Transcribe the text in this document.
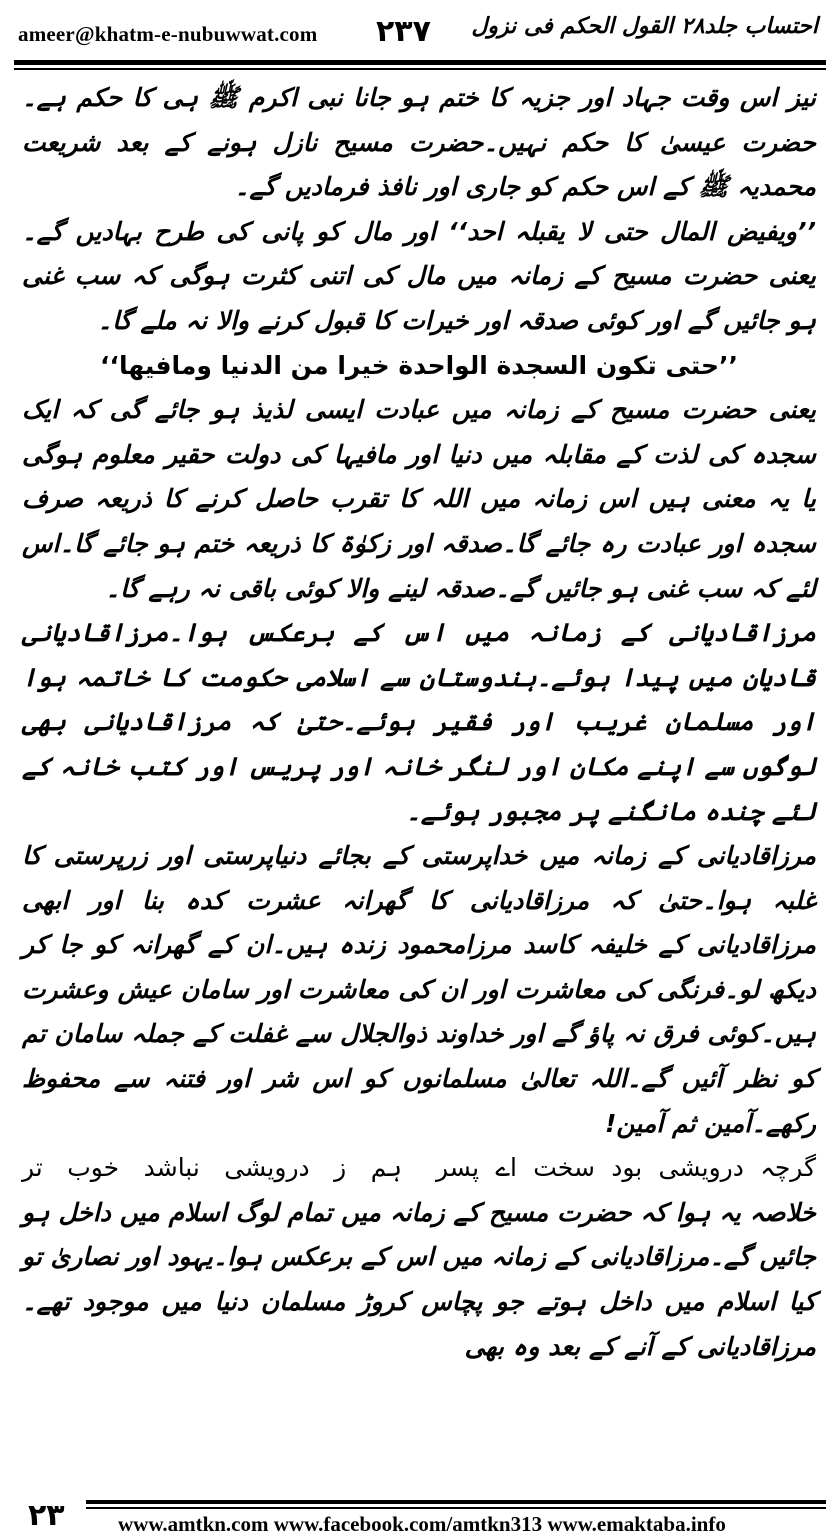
ameer@khatm-e-nubuwwat.com ۲۳۷ احتساب جلد۲۸ القول الحکم فی نزول

نیز اس وقت جہاد اور جزیہ کا ختم ہو جانا نبی اکرم ﷺ ہی کا حکم ہے۔حضرت عیسیٰ کا حکم نہیں۔حضرت مسیح نازل ہونے کے بعد شریعت محمدیہ ﷺ کے اس حکم کو جاری اور نافذ فرمادیں گے۔

’’ویفیض المال حتی لا یقبلہ احد‘‘ اور مال کو پانی کی طرح بہادیں گے۔یعنی حضرت مسیح کے زمانہ میں مال کی اتنی کثرت ہوگی کہ سب غنی ہو جائیں گے اور کوئی صدقہ اور خیرات کا قبول کرنے والا نہ ملے گا۔

’’حتی تکون السجدة الواحدة خیرا من الدنیا ومافیھا‘‘

یعنی حضرت مسیح کے زمانہ میں عبادت ایسی لذیذ ہو جائے گی کہ ایک سجدہ کی لذت کے مقابلہ میں دنیا اور مافیہا کی دولت حقیر معلوم ہوگی یا یہ معنی ہیں اس زمانہ میں اللہ کا تقرب حاصل کرنے کا ذریعہ صرف سجدہ اور عبادت رہ جائے گا۔صدقہ اور زکوٰۃ کا ذریعہ ختم ہو جائے گا۔اس لئے کہ سب غنی ہو جائیں گے۔صدقہ لینے والا کوئی باقی نہ رہے گا۔

مرزاقادیانی کے زمانہ میں اس کے برعکس ہوا۔مرزاقادیانی قادیان میں پیدا ہوئے۔ہندوستان سے اسلامی حکومت کا خاتمہ ہوا اور مسلمان غریب اور فقیر ہوئے۔حتیٰ کہ مرزاقادیانی بھی لوگوں سے اپنے مکان اور لنگر خانہ اور پریس اور کتب خانہ کے لئے چندہ مانگنے پر مجبور ہوئے۔

مرزاقادیانی کے زمانہ میں خداپرستی کے بجائے دنیاپرستی اور زرپرستی کا غلبہ ہوا۔حتیٰ کہ مرزاقادیانی کا گھرانہ عشرت کدہ بنا اور ابھی مرزاقادیانی کے خلیفہ کاسد مرزامحمود زندہ ہیں۔ان کے گھرانہ کو جا کر دیکھ لو۔فرنگی کی معاشرت اور ان کی معاشرت اور سامان عیش وعشرت ہیں۔کوئی فرق نہ پاؤ گے اور خداوند ذوالجلال سے غفلت کے جملہ سامان تم کو نظر آئیں گے۔اللہ تعالیٰ مسلمانوں کو اس شر اور فتنہ سے محفوظ رکھے۔آمین ثم آمین!

گرچہ درویشی بود سخت اے پسر
ہم ز درویشی نباشد خوب تر

خلاصہ یہ ہوا کہ حضرت مسیح کے زمانہ میں تمام لوگ اسلام میں داخل ہو جائیں گے۔مرزاقادیانی کے زمانہ میں اس کے برعکس ہوا۔یہود اور نصاریٰ تو کیا اسلام میں داخل ہوتے جو پچاس کروڑ مسلمان دنیا میں موجود تھے۔مرزاقادیانی کے آنے کے بعد وہ بھی

۲۳	www.amtkn.com www.facebook.com/amtkn313 www.emaktaba.info
